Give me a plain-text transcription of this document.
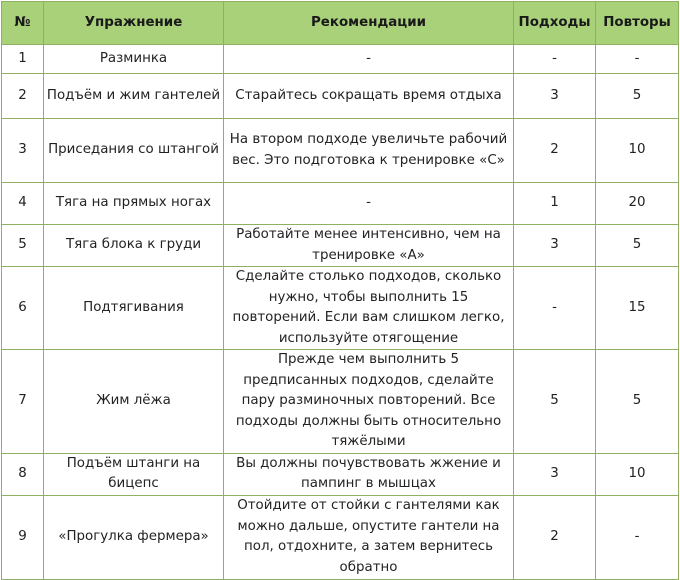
№	Упражнение	Рекомендации	Подходы	Повторы
1	Разминка	-	-	-
2	Подъём и жим гантелей	Старайтесь сокращать время отдыха	3	5
3	Приседания со штангой	На втором подходе увеличьте рабочий вес. Это подготовка к тренировке «С»	2	10
4	Тяга на прямых ногах	-	1	20
5	Тяга блока к груди	Работайте менее интенсивно, чем на тренировке «А»	3	5
6	Подтягивания	Сделайте столько подходов, сколько нужно, чтобы выполнить 15 повторений. Если вам слишком легко, используйте отягощение	-	15
7	Жим лёжа	Прежде чем выполнить 5 предписанных подходов, сделайте пару разминочных повторений. Все подходы должны быть относительно тяжёлыми	5	5
8	Подъём штанги на бицепс	Вы должны почувствовать жжение и пампинг в мышцах	3	10
9	«Прогулка фермера»	Отойдите от стойки с гантелями как можно дальше, опустите гантели на пол, отдохните, а затем вернитесь обратно	2	-
